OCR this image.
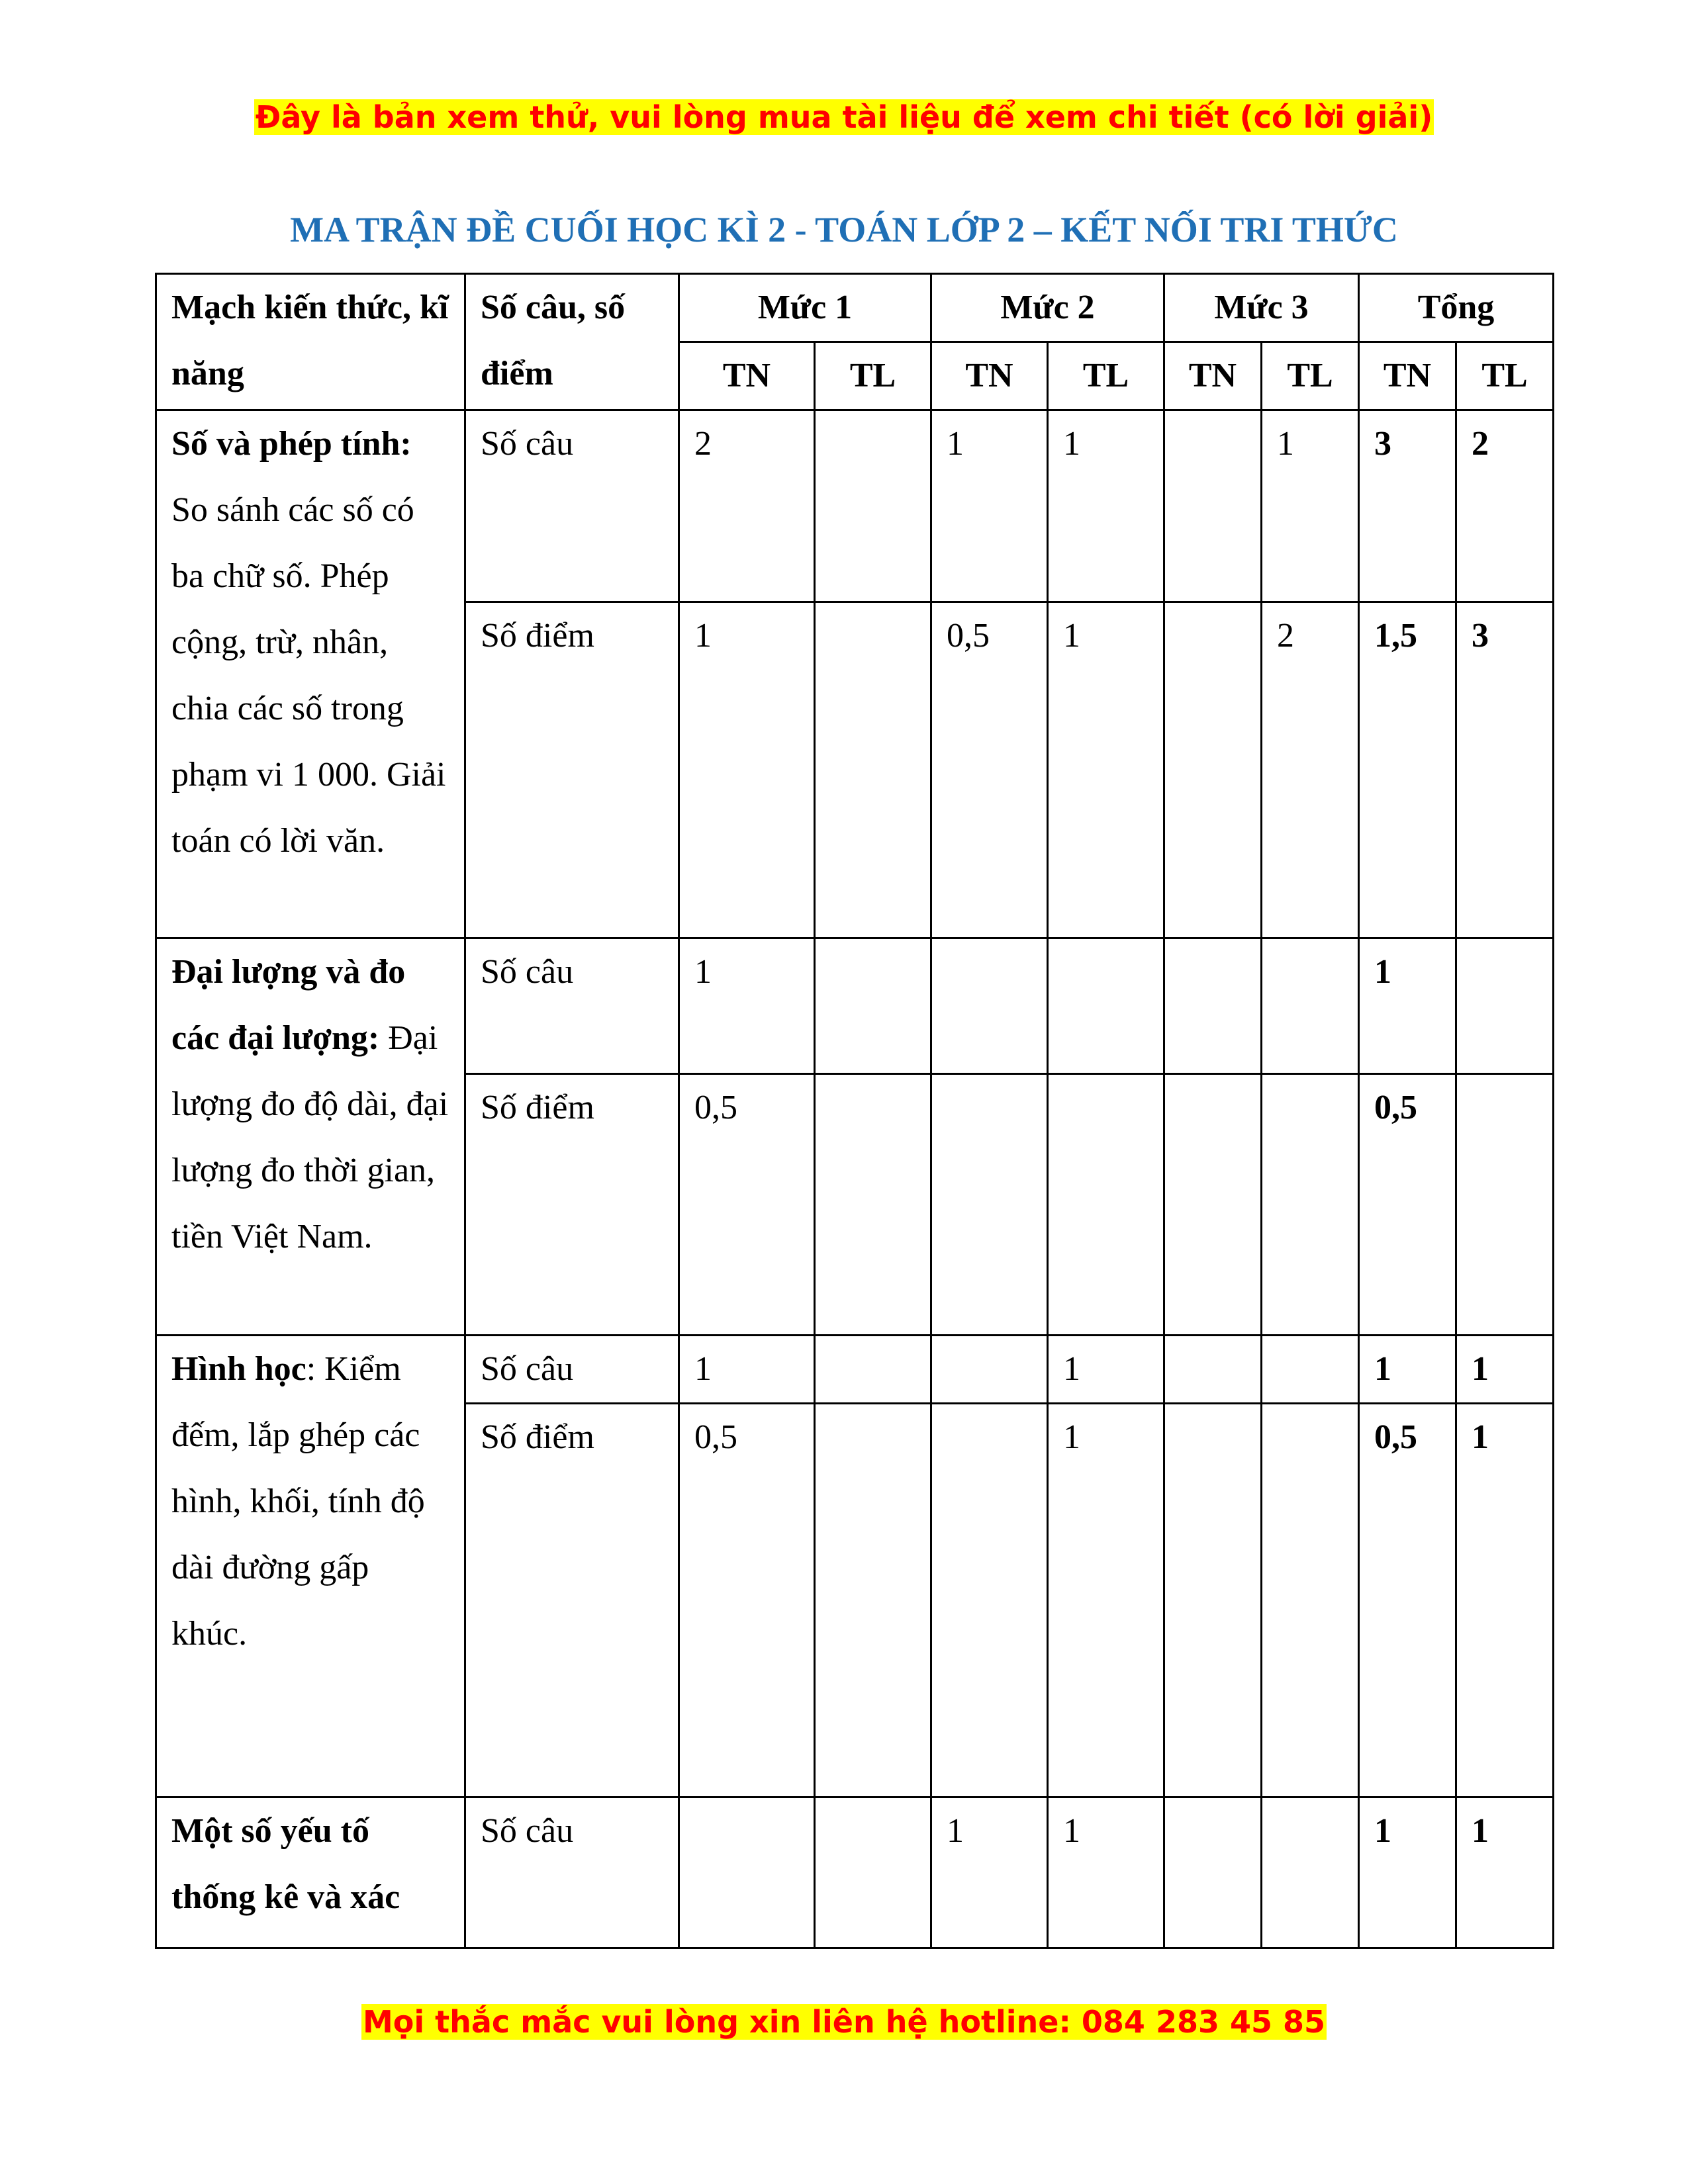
Đây là bản xem thử, vui lòng mua tài liệu để xem chi tiết (có lời giải)
MA TRẬN ĐỀ CUỐI HỌC KÌ 2 - TOÁN LỚP 2 – KẾT NỐI TRI THỨC
Mạch kiến thức, kĩ năng	Số câu, số điểm	Mức 1		Mức 2		Mức 3		Tổng	
		TN	TL	TN	TL	TN	TL	TN	TL
Số và phép tính: So sánh các số có ba chữ số. Phép cộng, trừ, nhân, chia các số trong phạm vi 1 000. Giải toán có lời văn.	Số câu	2		1	1		1	3	2
	Số điểm	1		0,5	1		2	1,5	3
Đại lượng và đo các đại lượng: Đại lượng đo độ dài, đại lượng đo thời gian, tiền Việt Nam.	Số câu	1						1	
	Số điểm	0,5						0,5	
Hình học: Kiểm đếm, lắp ghép các hình, khối, tính độ dài đường gấp khúc.	Số câu	1			1			1	1
	Số điểm	0,5			1			0,5	1
Một số yếu tố thống kê và xác	Số câu			1	1			1	1
Mọi thắc mắc vui lòng xin liên hệ hotline: 084 283 45 85
